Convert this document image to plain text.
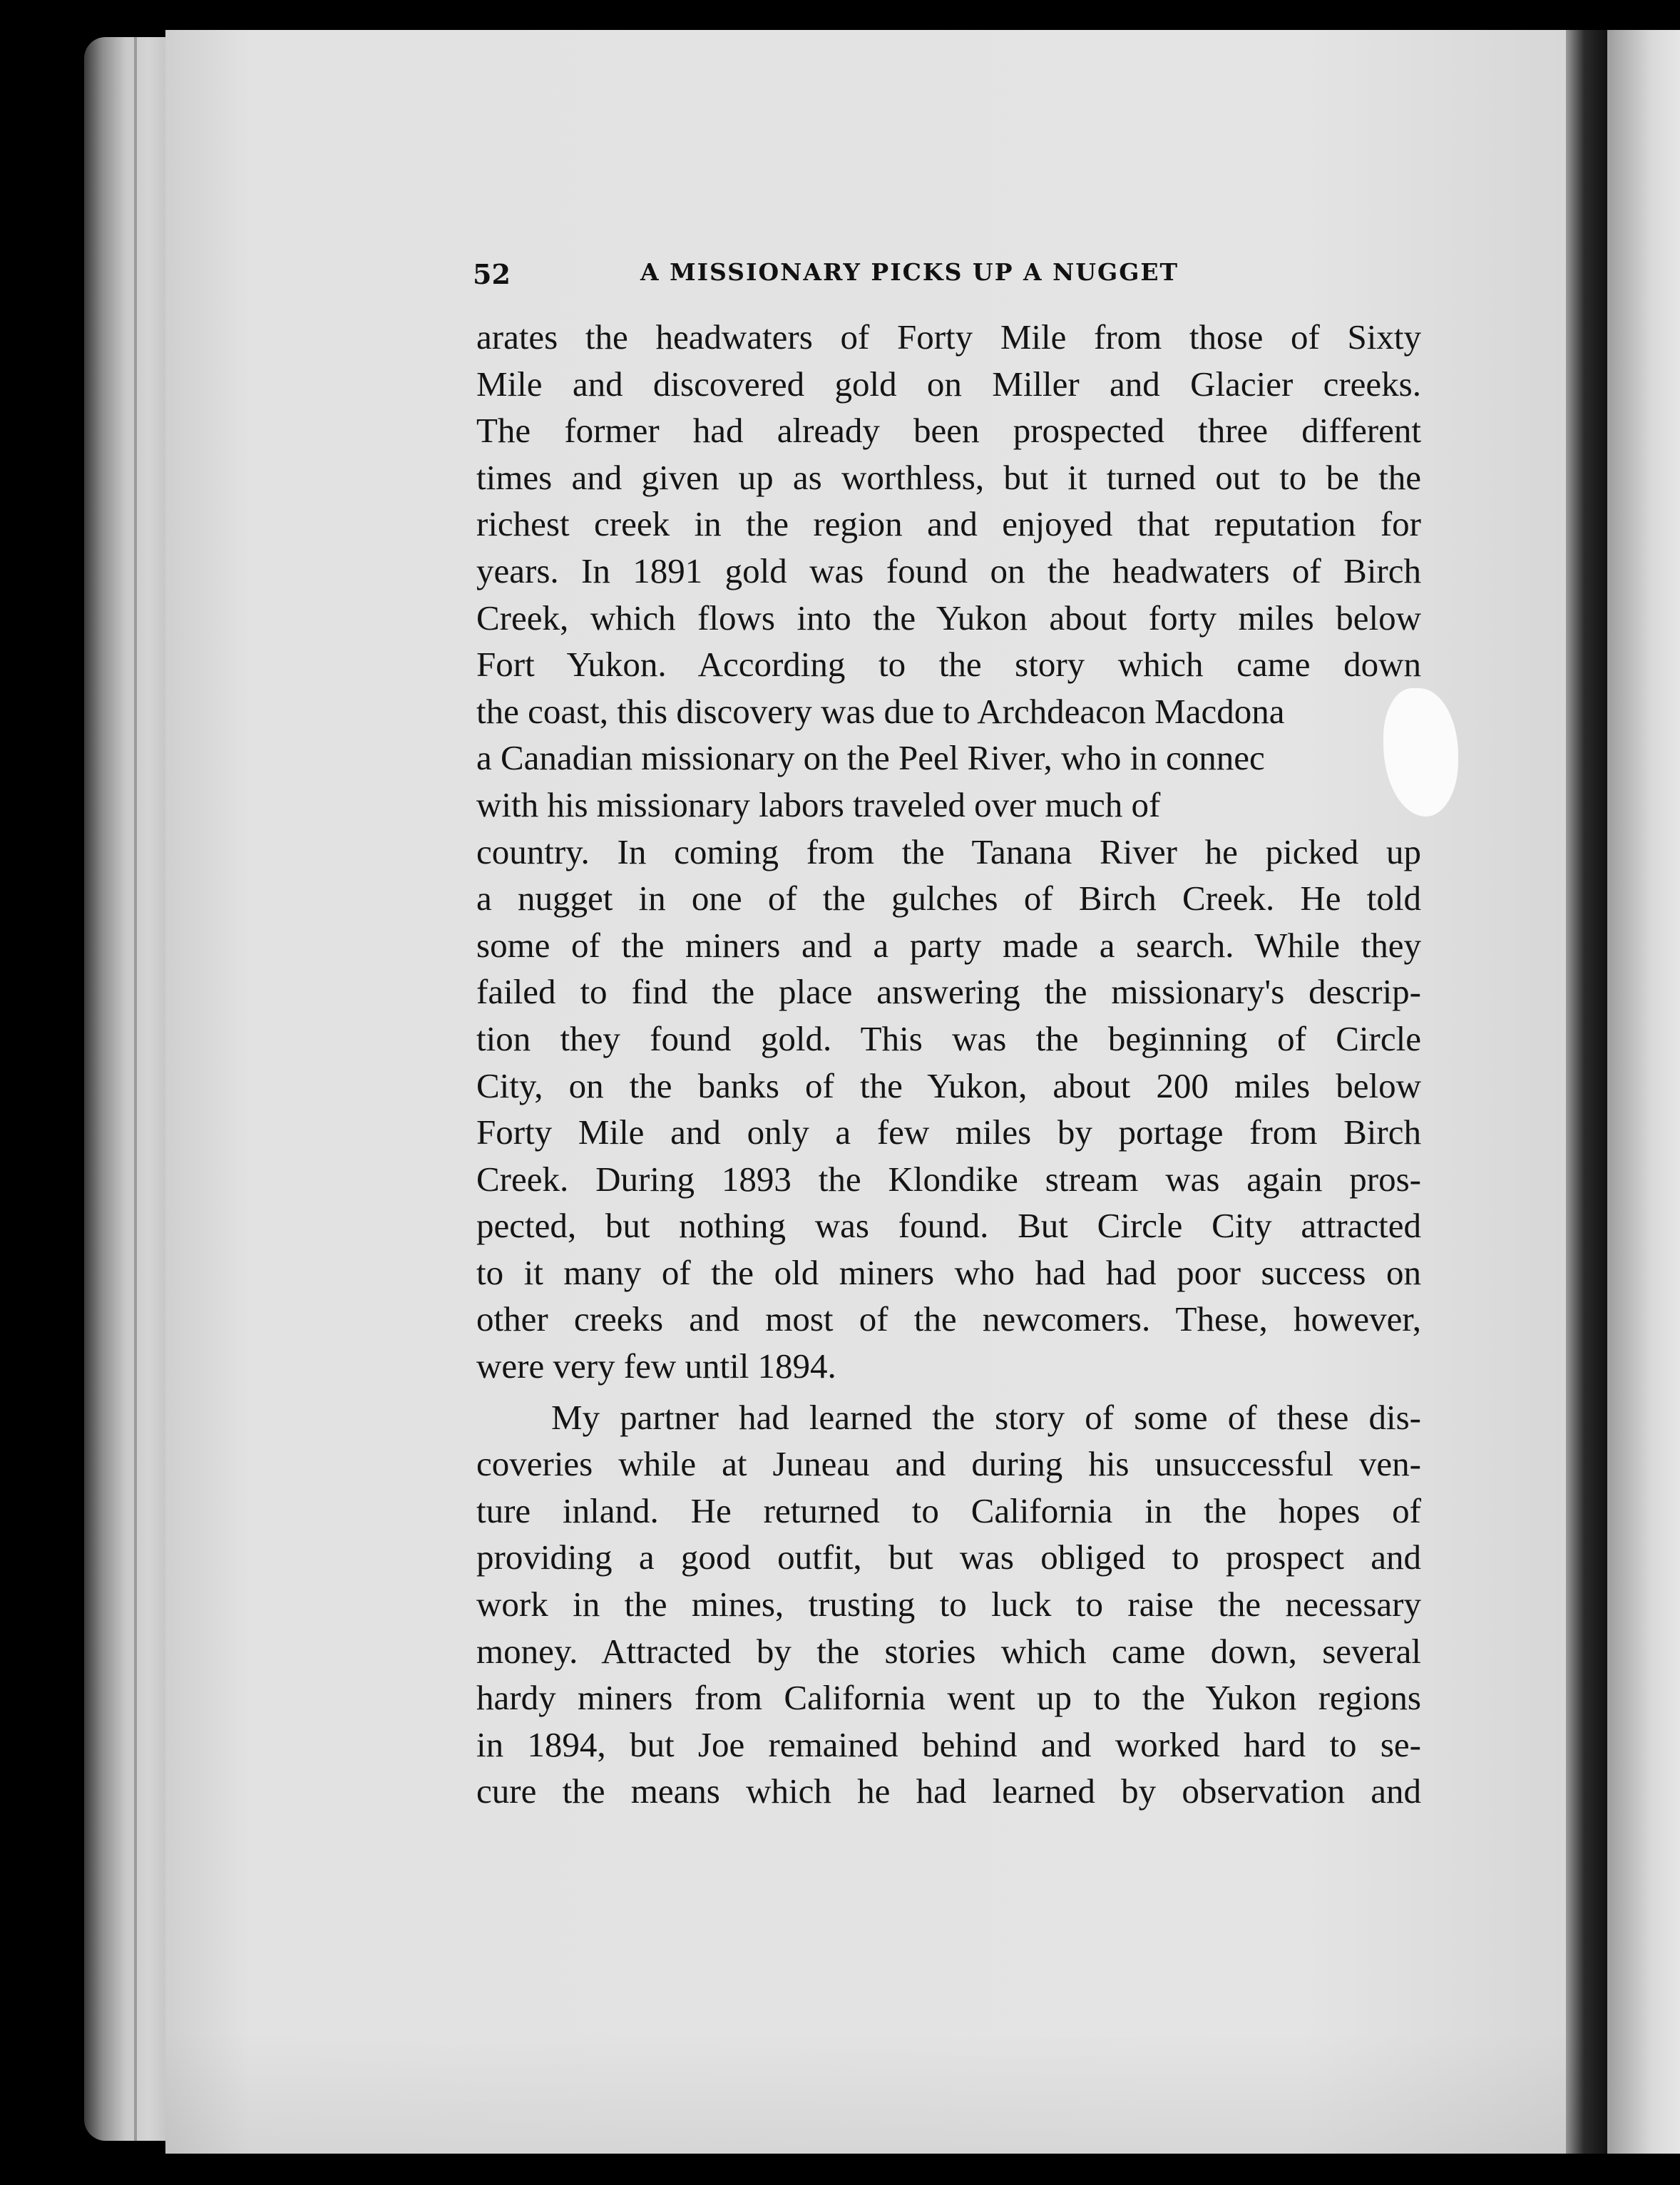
52	A MISSIONARY PICKS UP A NUGGET
arates the headwaters of Forty Mile from those of Sixty
Mile and discovered gold on Miller and Glacier creeks.
The former had already been prospected three different
times and given up as worthless, but it turned out to be the
richest creek in the region and enjoyed that reputation for
years. In 1891 gold was found on the headwaters of Birch
Creek, which flows into the Yukon about forty miles below
Fort Yukon. According to the story which came down
the coast, this discovery was due to Archdeacon Macdona
a Canadian missionary on the Peel River, who in connec
with his missionary labors traveled over much of
country. In coming from the Tanana River he picked up
a nugget in one of the gulches of Birch Creek. He told
some of the miners and a party made a search. While they
failed to find the place answering the missionary's descrip-
tion they found gold. This was the beginning of Circle
City, on the banks of the Yukon, about 200 miles below
Forty Mile and only a few miles by portage from Birch
Creek. During 1893 the Klondike stream was again pros-
pected, but nothing was found. But Circle City attracted
to it many of the old miners who had had poor success on
other creeks and most of the newcomers. These, however,
were very few until 1894.
My partner had learned the story of some of these dis-
coveries while at Juneau and during his unsuccessful ven-
ture inland. He returned to California in the hopes of
providing a good outfit, but was obliged to prospect and
work in the mines, trusting to luck to raise the necessary
money. Attracted by the stories which came down, several
hardy miners from California went up to the Yukon regions
in 1894, but Joe remained behind and worked hard to se-
cure the means which he had learned by observation and
